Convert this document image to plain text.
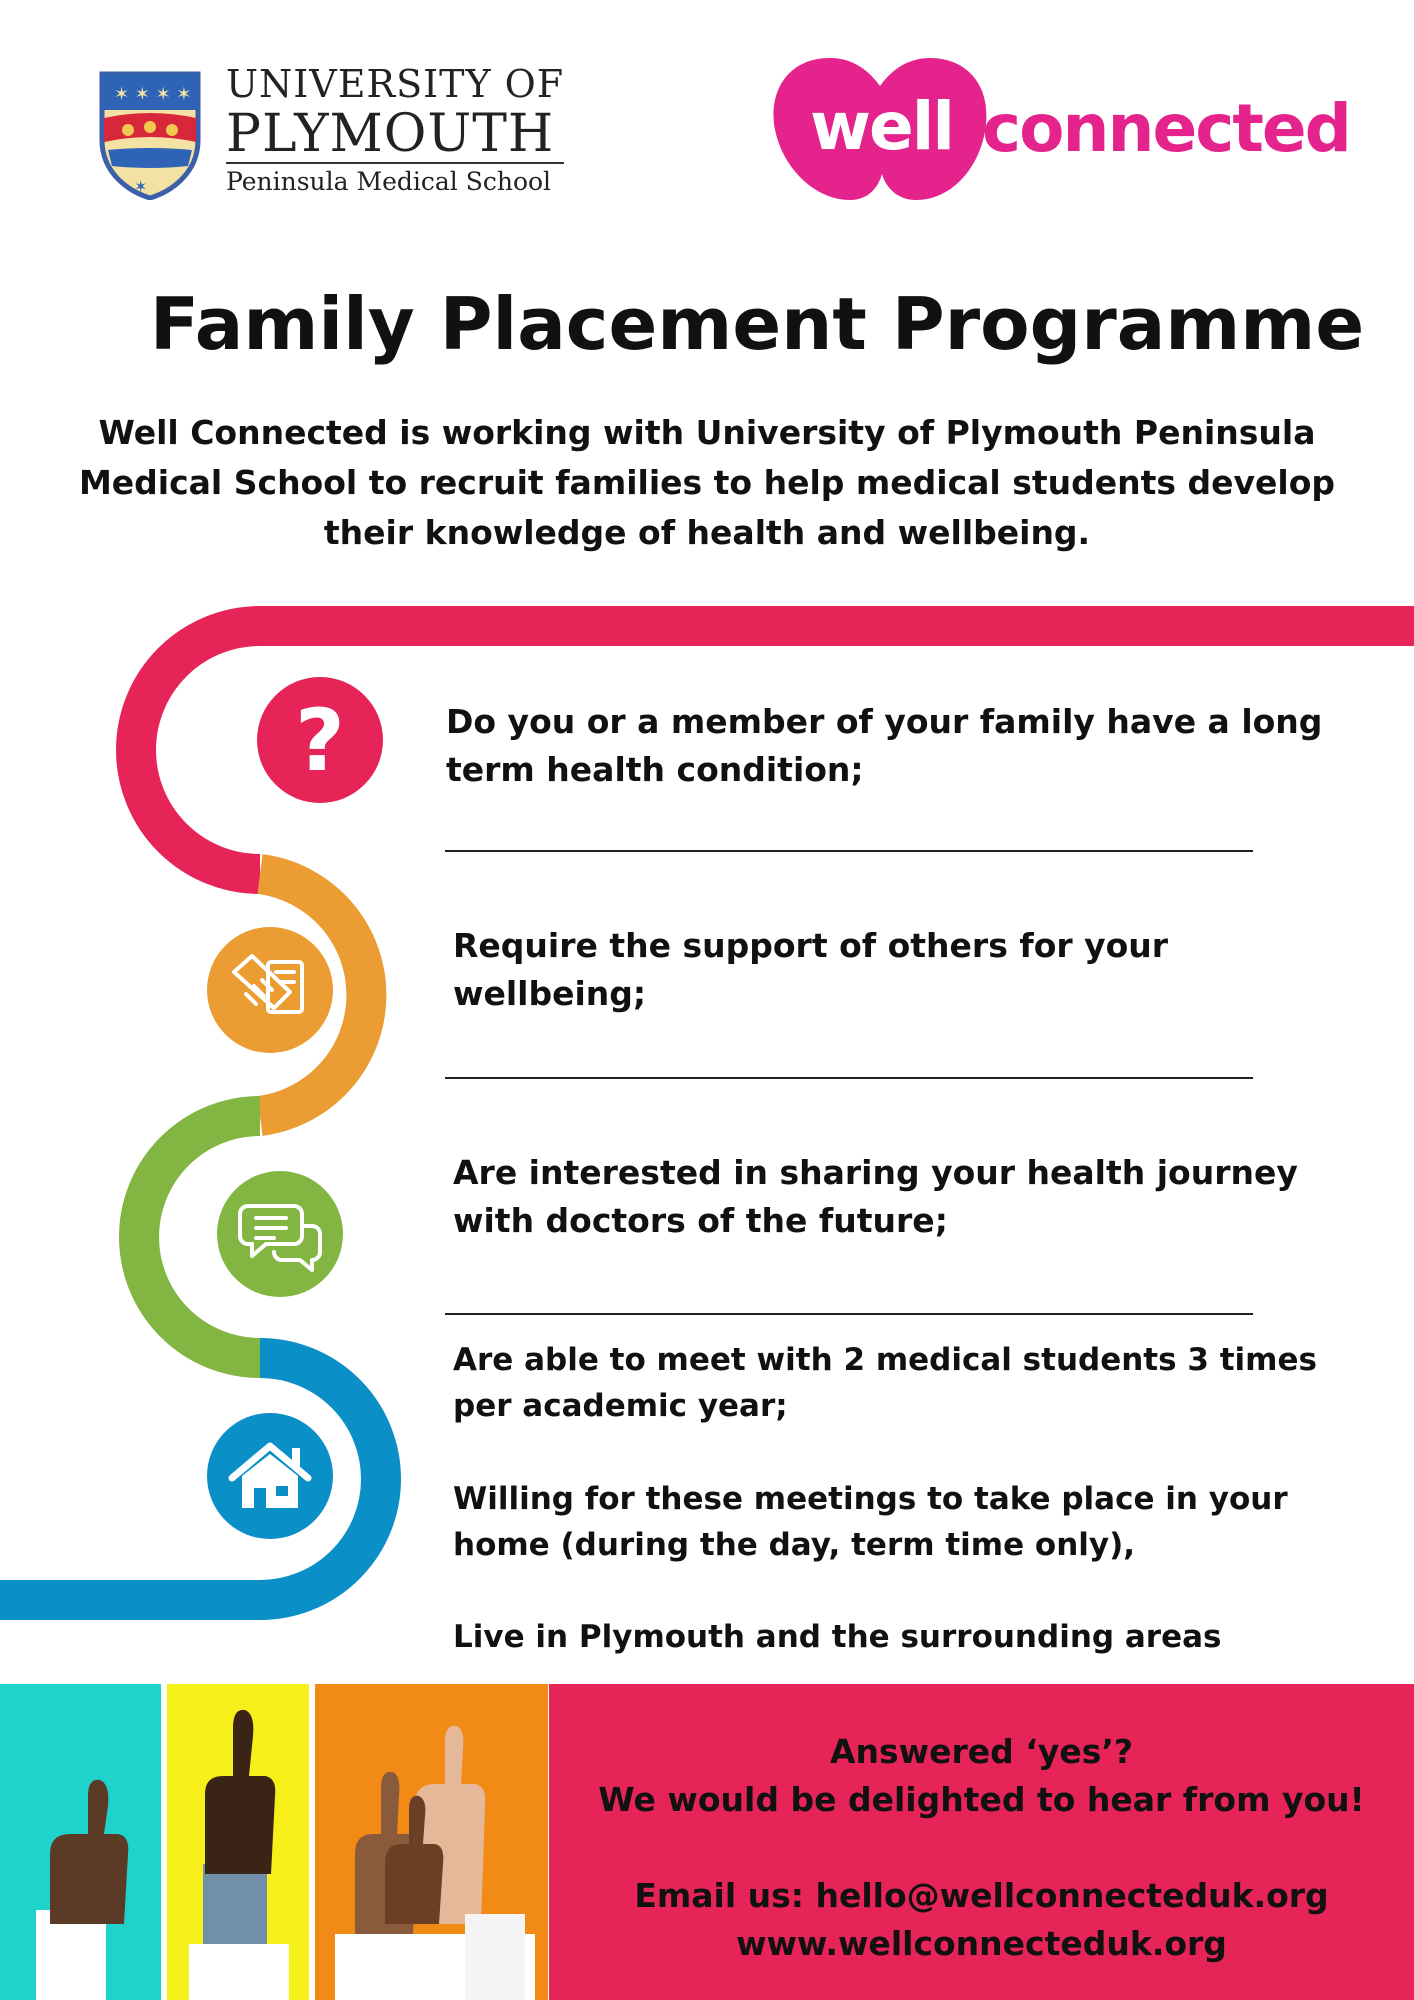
✶ ✶ ✶ ✶
✶
UNIVERSITY OF
PLYMOUTH
Peninsula Medical School
well connected
Family Placement Programme
Well Connected is working with University of Plymouth Peninsula Medical School to recruit families to help medical students develop their knowledge of health and wellbeing.
?	Do you or a member of your family have a long term health condition;
Require the support of others for your wellbeing;
Are interested in sharing your health journey with doctors of the future;
Are able to meet with 2 medical students 3 times per academic year;
Willing for these meetings to take place in your home (during the day, term time only),
Live in Plymouth and the surrounding areas

Answered ‘yes’?

We would be delighted to hear from you!

Email us: hello@wellconnecteduk.org

www.wellconnecteduk.org
